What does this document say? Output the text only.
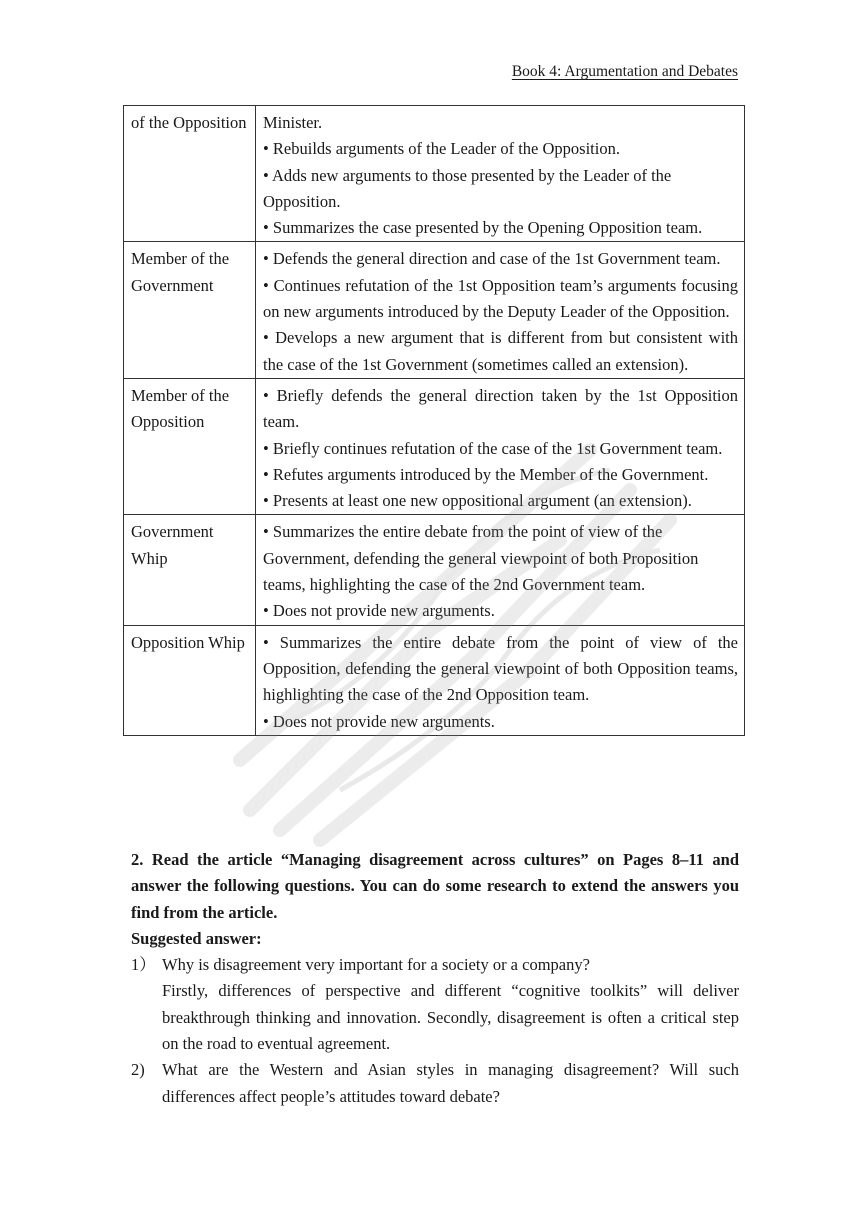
Book 4: Argumentation and Debates
of the Opposition	Minister.
• Rebuilds arguments of the Leader of the Opposition.
• Adds new arguments to those presented by the Leader of the Opposition.
• Summarizes the case presented by the Opening Opposition team.

Member of the Government	• Defends the general direction and case of the 1st Government team.
• Continues refutation of the 1st Opposition team’s arguments focusing
on new arguments introduced by the Deputy Leader of the Opposition.
• Develops a new argument that is different from but consistent with the case of the 1st Government (sometimes called an extension).

Member of the Opposition	• Briefly defends the general direction taken by the 1st Opposition team.
• Briefly continues refutation of the case of the 1st Government team.
• Refutes arguments introduced by the Member of the Government.
• Presents at least one new oppositional argument (an extension).

Government Whip	• Summarizes the entire debate from the point of view of the Government, defending the general viewpoint of both Proposition teams, highlighting the case of the 2nd Government team.
• Does not provide new arguments.

Opposition Whip	• Summarizes the entire debate from the point of view of the Opposition, defending the general viewpoint of both Opposition teams, highlighting the case of the 2nd Opposition team.
• Does not provide new arguments.
2. Read the article “Managing disagreement across cultures” on Pages 8–11 and answer the following questions. You can do some research to extend the answers you find from the article.
Suggested answer:
1） Why is disagreement very important for a society or a company?
Firstly, differences of perspective and different “cognitive toolkits” will deliver breakthrough thinking and innovation. Secondly, disagreement is often a critical step on the road to eventual agreement.
2)	What are the Western and Asian styles in managing disagreement? Will such differences affect people’s attitudes toward debate?
